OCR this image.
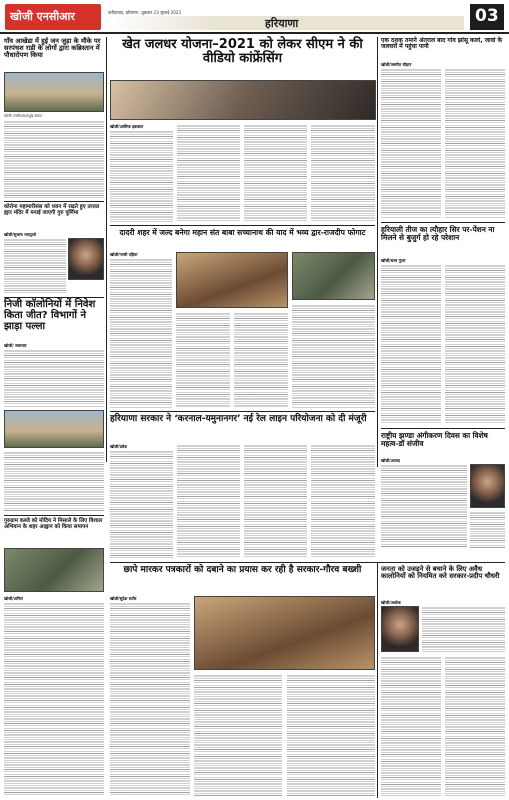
खोजी एनसीआर	फरीदाबाद, हरियाणा, शुक्रवार 23 जुलाई 2021
हरियाणा	03
गाँव आखेडा में हुई जन जुड़ा के मौके पर सरपंचश राडी के लोगों द्वारा कब्रिस्तान में पौधारोपण किया
खोजी एनसीआर/प्रमुख संवाद
कोरोना महामारीसंस को ध्यान में रखते हुए तात्तल ह्यार मंदिर में मनाई जाएगी गुरु पूर्णिमा
खोजी/सुभाष भारद्वाजे
निजी कॉलोनियों में निवेश किता जीत? विभागों ने झाड़ा पल्ला
खोजी/ समाचार
खेत जलधर योजना–2021 को लेकर सीएम ने की वीडियो कांफ्रेंसिंग
खोजी/आसिफ इकबाल
दादरी शहर में जल्द बनेगा महान संत बाबा सच्चानाथ की याद में भव्य द्वार-राजदीप फोगाट
खोजी/नरसी दहिया
हरियाणा सरकार ने ‘करनाल-यमुनानगर’ नई रेल लाइन परियोजना को दी मंजूरी
खोजी/प्रवेश
एक दशक तमाने अंतराल बाद गांव झांसू कलां, जावां के जलघरों में पहुंचा पानी
खोजी/जस्मीत चौहान
हरियाली तीज का त्यौहार सिर पर-पेंशन ना मिलने से बुजुर्ग हो रहे परेशान
खोजी/धरम गुप्ता
राष्ट्रीय झण्डा अंगीकरण दिवस का विशेष महत्व-डॉ संजीव
खोजी/आजद
गुरुग्राम कब्जे को मोदिय ने मिसाले के लिए विशाल अभियान के शहर आह्वान को किया समापन
खोजी/अनिल
छापे मारकर पत्रकारों को दबाने का प्रयास कर रही है सरकार-गौरव बख्शी
खोजी/सुदेश राठौर
जनता को उजड़ने से बचाने के लिए अवैध कालोनियों को नियमित करे सरकार-प्रदीप चौधरी
खोजी/अशोक
